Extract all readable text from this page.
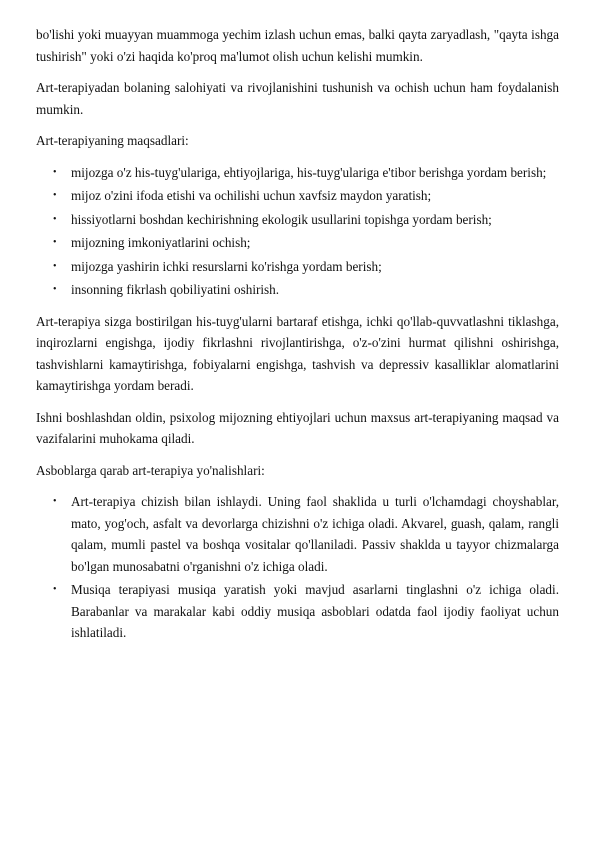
bo'lishi yoki muayyan muammoga yechim izlash uchun emas, balki qayta zaryadlash, "qayta ishga tushirish" yoki o'zi haqida ko'proq ma'lumot olish uchun kelishi mumkin.

Art-terapiyadan bolaning salohiyati va rivojlanishini tushunish va ochish uchun ham foydalanish mumkin.

Art-terapiyaning maqsadlari:

• mijozga o'z his-tuyg'ulariga, ehtiyojlariga, his-tuyg'ulariga e'tibor berishga yordam berish;
• mijoz o'zini ifoda etishi va ochilishi uchun xavfsiz maydon yaratish;
• hissiyotlarni boshdan kechirishning ekologik usullarini topishga yordam berish;
• mijozning imkoniyatlarini ochish;
• mijozga yashirin ichki resurslarni ko'rishga yordam berish;
• insonning fikrlash qobiliyatini oshirish.

Art-terapiya sizga bostirilgan his-tuyg'ularni bartaraf etishga, ichki qo'llab-quvvatlashni tiklashga, inqirozlarni engishga, ijodiy fikrlashni rivojlantirishga, o'z-o'zini hurmat qilishni oshirishga, tashvishlarni kamaytirishga, fobiyalarni engishga, tashvish va depressiv kasalliklar alomatlarini kamaytirishga yordam beradi.

Ishni boshlashdan oldin, psixolog mijozning ehtiyojlari uchun maxsus art-terapiyaning maqsad va vazifalarini muhokama qiladi.

Asboblarga qarab art-terapiya yo'nalishlari:

• Art-terapiya chizish bilan ishlaydi. Uning faol shaklida u turli o'lchamdagi choyshablar, mato, yog'och, asfalt va devorlarga chizishni o'z ichiga oladi. Akvarel, guash, qalam, rangli qalam, mumli pastel va boshqa vositalar qo'llaniladi. Passiv shaklda u tayyor chizmalarga bo'lgan munosabatni o'rganishni o'z ichiga oladi.
• Musiqa terapiyasi musiqa yaratish yoki mavjud asarlarni tinglashni o'z ichiga oladi. Barabanlar va marakalar kabi oddiy musiqa asboblari odatda faol ijodiy faoliyat uchun ishlatiladi.
